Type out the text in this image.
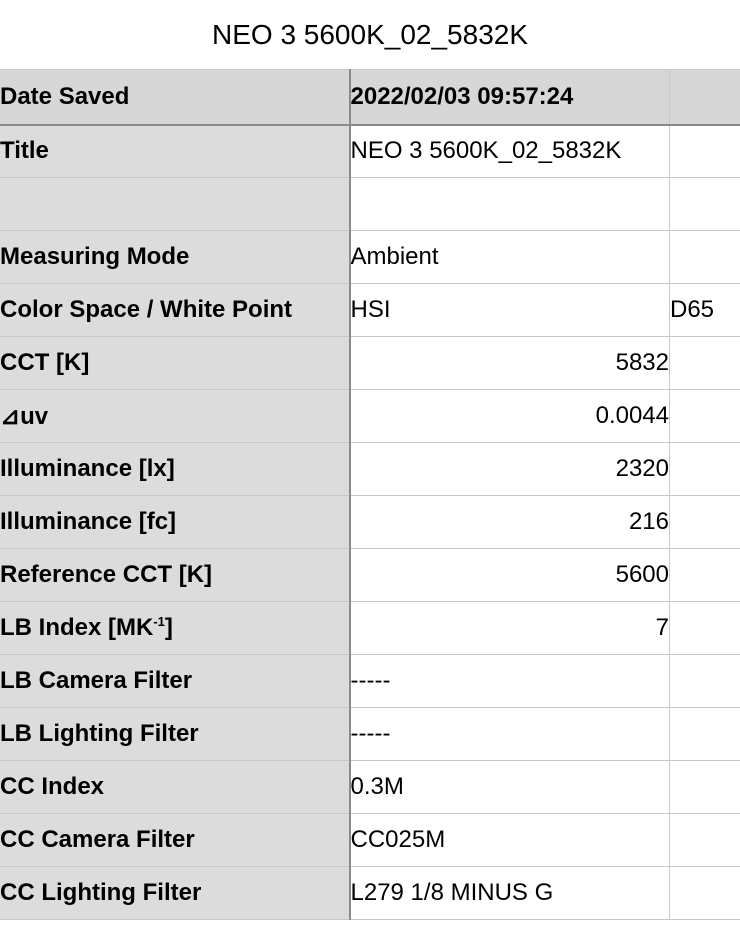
NEO 3 5600K_02_5832K
Date Saved	2022/02/03 09:57:24	
Title	NEO 3 5600K_02_5832K	

Measuring Mode	Ambient	
Color Space / White Point	HSI	D65
CCT [K]	5832	
⊿uv	0.0044	
Illuminance [lx]	2320	
Illuminance [fc]	216	
Reference CCT [K]	5600	
LB Index $[MK^{-1}]$	7	
LB Camera Filter	-----	
LB Lighting Filter	-----	
CC Index	0.3M	
CC Camera Filter	CC025M	
CC Lighting Filter	L279 1/8 MINUS G	
